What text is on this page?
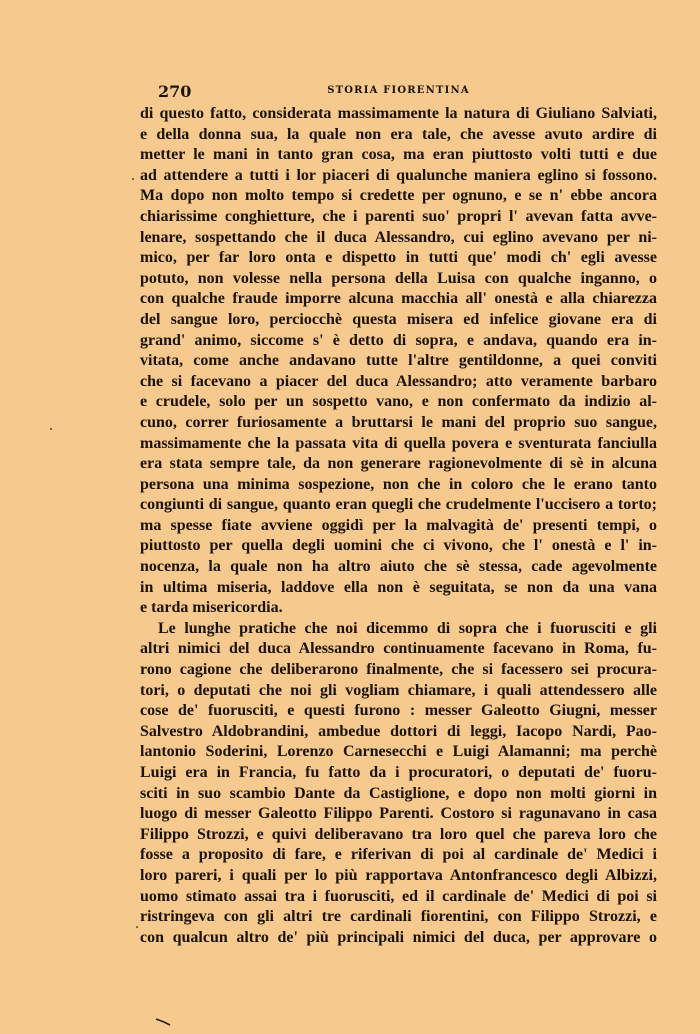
270	STORIA FIORENTINA
di questo fatto, considerata massimamente la natura di Giuliano Salviati,
e della donna sua, la quale non era tale, che avesse avuto ardire di
metter le mani in tanto gran cosa, ma eran piuttosto volti tutti e due
ad attendere a tutti i lor piaceri di qualunche maniera eglino si fossono.
Ma dopo non molto tempo si credette per ognuno, e se n' ebbe ancora
chiarissime conghietture, che i parenti suo' propri l' avevan fatta avve-
lenare, sospettando che il duca Alessandro, cui eglino avevano per ni-
mico, per far loro onta e dispetto in tutti que' modi ch' egli avesse
potuto, non volesse nella persona della Luisa con qualche inganno, o
con qualche fraude imporre alcuna macchia all' onestà e alla chiarezza
del sangue loro, perciocchè questa misera ed infelice giovane era di
grand' animo, siccome s' è detto di sopra, e andava, quando era in-
vitata, come anche andavano tutte l'altre gentildonne, a quei conviti
che si facevano a piacer del duca Alessandro; atto veramente barbaro
e crudele, solo per un sospetto vano, e non confermato da indizio al-
cuno, correr furiosamente a bruttarsi le mani del proprio suo sangue,
massimamente che la passata vita di quella povera e sventurata fanciulla
era stata sempre tale, da non generare ragionevolmente di sè in alcuna
persona una minima sospezione, non che in coloro che le erano tanto
congiunti di sangue, quanto eran quegli che crudelmente l'uccisero a torto;
ma spesse fiate avviene oggidì per la malvagità de' presenti tempi, o
piuttosto per quella degli uomini che ci vivono, che l' onestà e l' in-
nocenza, la quale non ha altro aiuto che sè stessa, cade agevolmente
in ultima miseria, laddove ella non è seguitata, se non da una vana
e tarda misericordia.
Le lunghe pratiche che noi dicemmo di sopra che i fuorusciti e gli
altri nimici del duca Alessandro continuamente facevano in Roma, fu-
rono cagione che deliberarono finalmente, che si facessero sei procura-
tori, o deputati che noi gli vogliam chiamare, i quali attendessero alle
cose de' fuorusciti, e questi furono : messer Galeotto Giugni, messer
Salvestro Aldobrandini, ambedue dottori di leggi, Iacopo Nardi, Pao-
lantonio Soderini, Lorenzo Carnesecchi e Luigi Alamanni; ma perchè
Luigi era in Francia, fu fatto da i procuratori, o deputati de' fuoru-
sciti in suo scambio Dante da Castiglione, e dopo non molti giorni in
luogo di messer Galeotto Filippo Parenti. Costoro si ragunavano in casa
Filippo Strozzi, e quivi deliberavano tra loro quel che pareva loro che
fosse a proposito di fare, e riferivan di poi al cardinale de' Medici i
loro pareri, i quali per lo più rapportava Antonfrancesco degli Albizzi,
uomo stimato assai tra i fuorusciti, ed il cardinale de' Medici di poi si
ristringeva con gli altri tre cardinali fiorentini, con Filippo Strozzi, e
con qualcun altro de' più principali nimici del duca, per approvare o
